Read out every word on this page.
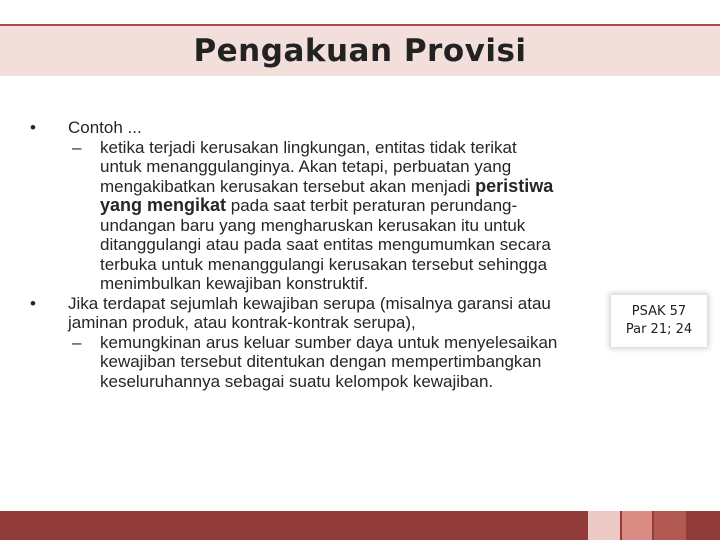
Pengakuan Provisi
•	Contoh ...
– ketika terjadi kerusakan lingkungan, entitas tidak terikat
untuk menanggulanginya. Akan tetapi, perbuatan yang
mengakibatkan kerusakan tersebut akan menjadi peristiwa
yang mengikat pada saat terbit peraturan perundang-
undangan baru yang mengharuskan kerusakan itu untuk
ditanggulangi atau pada saat entitas mengumumkan secara
terbuka untuk menanggulangi kerusakan tersebut sehingga
menimbulkan kewajiban konstruktif.
•	Jika terdapat sejumlah kewajiban serupa (misalnya garansi atau
jaminan produk, atau kontrak-kontrak serupa),
– kemungkinan arus keluar sumber daya untuk menyelesaikan
kewajiban tersebut ditentukan dengan mempertimbangkan
keseluruhannya sebagai suatu kelompok kewajiban.
PSAK 57
Par 21; 24
